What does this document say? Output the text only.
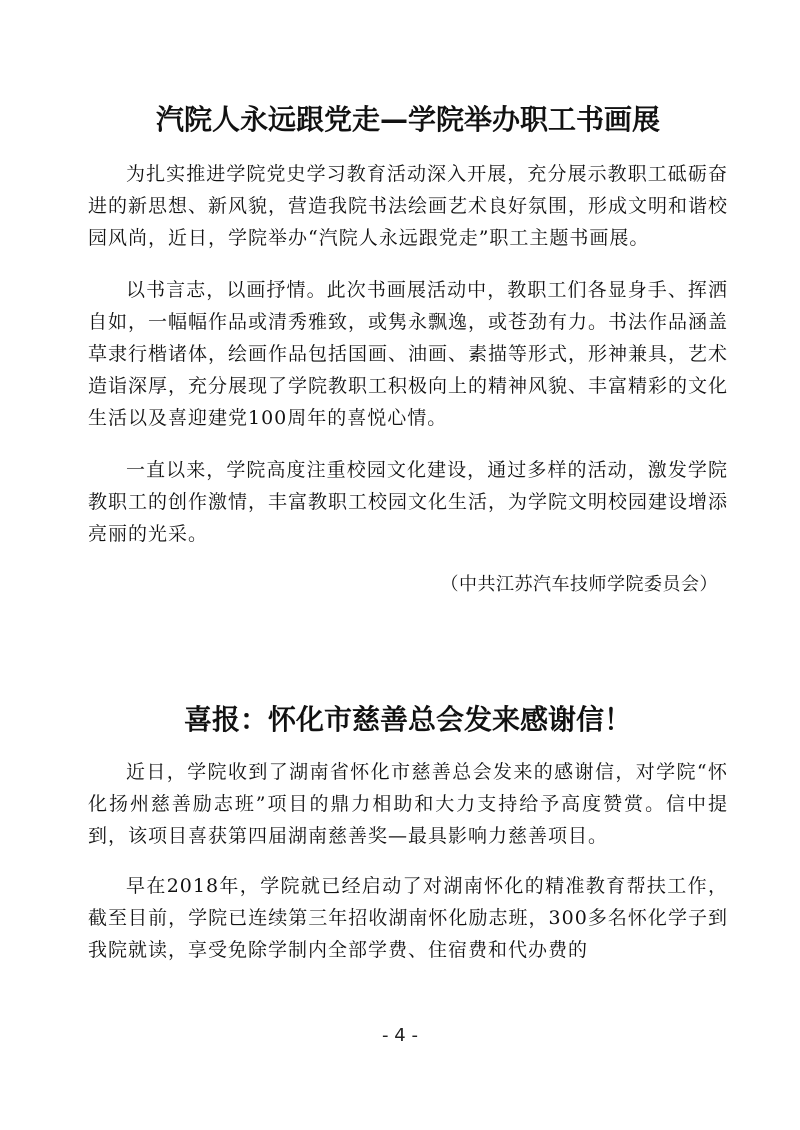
汽院人永远跟党走—学院举办职工书画展

为扎实推进学院党史学习教育活动深入开展，充分展示教职工砥砺奋进的新思想、新风貌，营造我院书法绘画艺术良好氛围，形成文明和谐校园风尚，近日，学院举办“汽院人永远跟党走”职工主题书画展。

以书言志，以画抒情。此次书画展活动中，教职工们各显身手、挥洒自如，一幅幅作品或清秀雅致，或隽永飘逸，或苍劲有力。书法作品涵盖草隶行楷诸体，绘画作品包括国画、油画、素描等形式，形神兼具，艺术造诣深厚，充分展现了学院教职工积极向上的精神风貌、丰富精彩的文化生活以及喜迎建党100周年的喜悦心情。

一直以来，学院高度注重校园文化建设，通过多样的活动，激发学院教职工的创作激情，丰富教职工校园文化生活，为学院文明校园建设增添亮丽的光采。

（中共江苏汽车技师学院委员会）

喜报：怀化市慈善总会发来感谢信！

近日，学院收到了湖南省怀化市慈善总会发来的感谢信，对学院“怀化扬州慈善励志班”项目的鼎力相助和大力支持给予高度赞赏。信中提到，该项目喜获第四届湖南慈善奖—最具影响力慈善项目。

早在2018年，学院就已经启动了对湖南怀化的精准教育帮扶工作，截至目前，学院已连续第三年招收湖南怀化励志班，300多名怀化学子到我院就读，享受免除学制内全部学费、住宿费和代办费的

- 4 -
